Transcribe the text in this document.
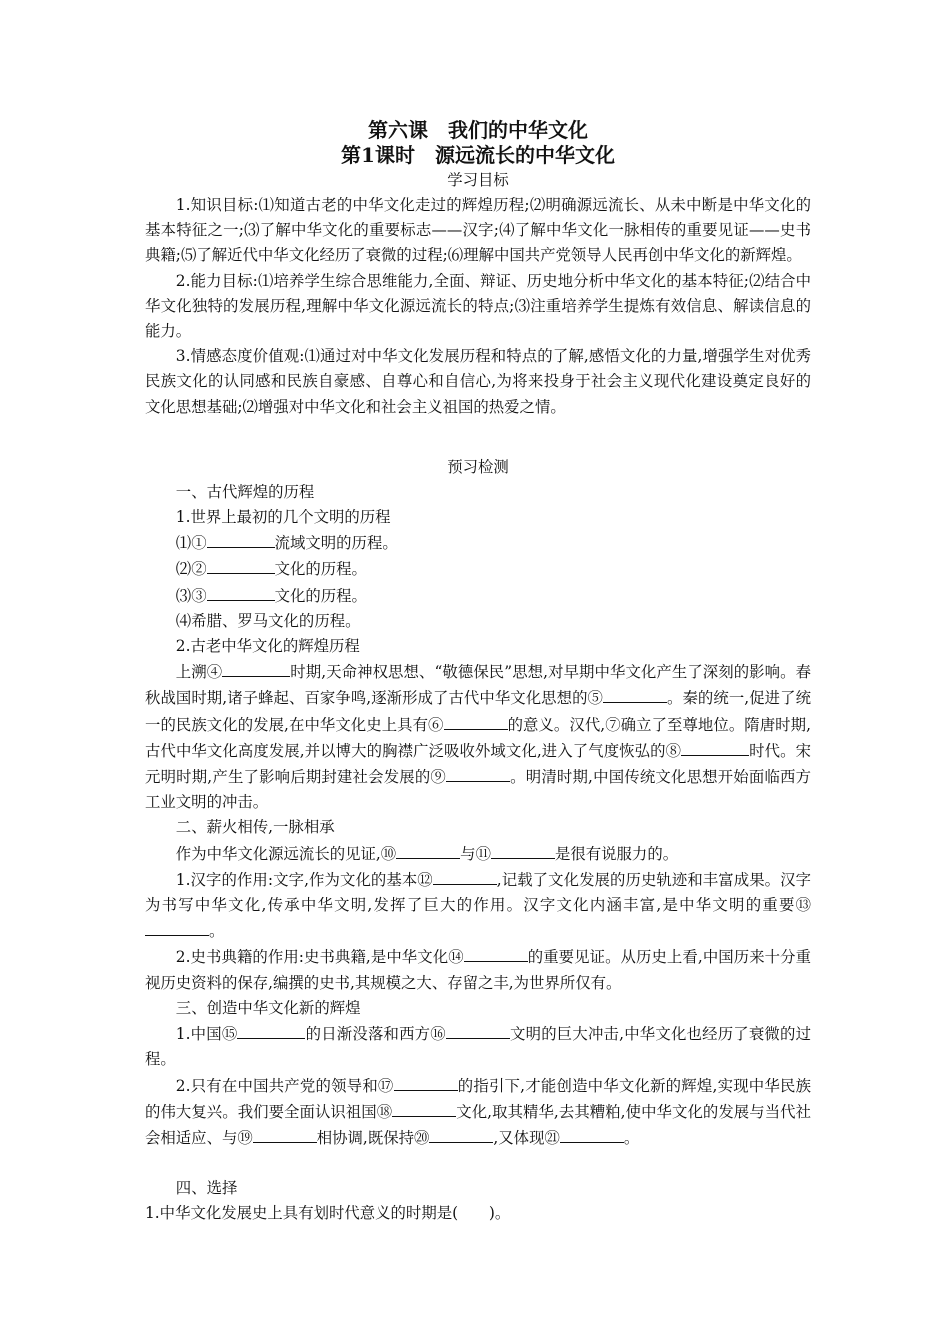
第六课　我们的中华文化
第1课时　源远流长的中华文化
学习目标

1.知识目标:⑴知道古老的中华文化走过的辉煌历程;⑵明确源远流长、从未中断是中华文化的基本特征之一;⑶了解中华文化的重要标志——汉字;⑷了解中华文化一脉相传的重要见证——史书典籍;⑸了解近代中华文化经历了衰微的过程;⑹理解中国共产党领导人民再创中华文化的新辉煌。

2.能力目标:⑴培养学生综合思维能力,全面、辩证、历史地分析中华文化的基本特征;⑵结合中华文化独特的发展历程,理解中华文化源远流长的特点;⑶注重培养学生提炼有效信息、解读信息的能力。

3.情感态度价值观:⑴通过对中华文化发展历程和特点的了解,感悟文化的力量,增强学生对优秀民族文化的认同感和民族自豪感、自尊心和自信心,为将来投身于社会主义现代化建设奠定良好的文化思想基础;⑵增强对中华文化和社会主义祖国的热爱之情。

预习检测

一、古代辉煌的历程

1.世界上最初的几个文明的历程

⑴①	流域文明的历程。

⑵②	文化的历程。

⑶③	文化的历程。

⑷希腊、罗马文化的历程。

2.古老中华文化的辉煌历程

上溯④	时期,天命神权思想、“敬德保民”思想,对早期中华文化产生了深刻的影响。春秋战国时期,诸子蜂起、百家争鸣,逐渐形成了古代中华文化思想的⑤	。秦的统一,促进了统一的民族文化的发展,在中华文化史上具有⑥	的意义。汉代,⑦确立了至尊地位。隋唐时期,古代中华文化高度发展,并以博大的胸襟广泛吸收外域文化,进入了气度恢弘的⑧	时代。宋元明时期,产生了影响后期封建社会发展的⑨	。明清时期,中国传统文化思想开始面临西方工业文明的冲击。

二、薪火相传,一脉相承

作为中华文化源远流长的见证,⑩	与⑪	是很有说服力的。

1.汉字的作用:文字,作为文化的基本⑫	,记载了文化发展的历史轨迹和丰富成果。汉字为书写中华文化,传承中华文明,发挥了巨大的作用。汉字文化内涵丰富,是中华文明的重要⑬。

2.史书典籍的作用:史书典籍,是中华文化⑭	的重要见证。从历史上看,中国历来十分重视历史资料的保存,编撰的史书,其规模之大、存留之丰,为世界所仅有。

三、创造中华文化新的辉煌

1.中国⑮	的日渐没落和西方⑯	文明的巨大冲击,中华文化也经历了衰微的过程。

2.只有在中国共产党的领导和⑰	的指引下,才能创造中华文化新的辉煌,实现中华民族的伟大复兴。我们要全面认识祖国⑱	文化,取其精华,去其糟粕,使中华文化的发展与当代社会相适应、与⑲	相协调,既保持⑳	,又体现㉑	。

四、选择

1.中华文化发展史上具有划时代意义的时期是(　　)。
